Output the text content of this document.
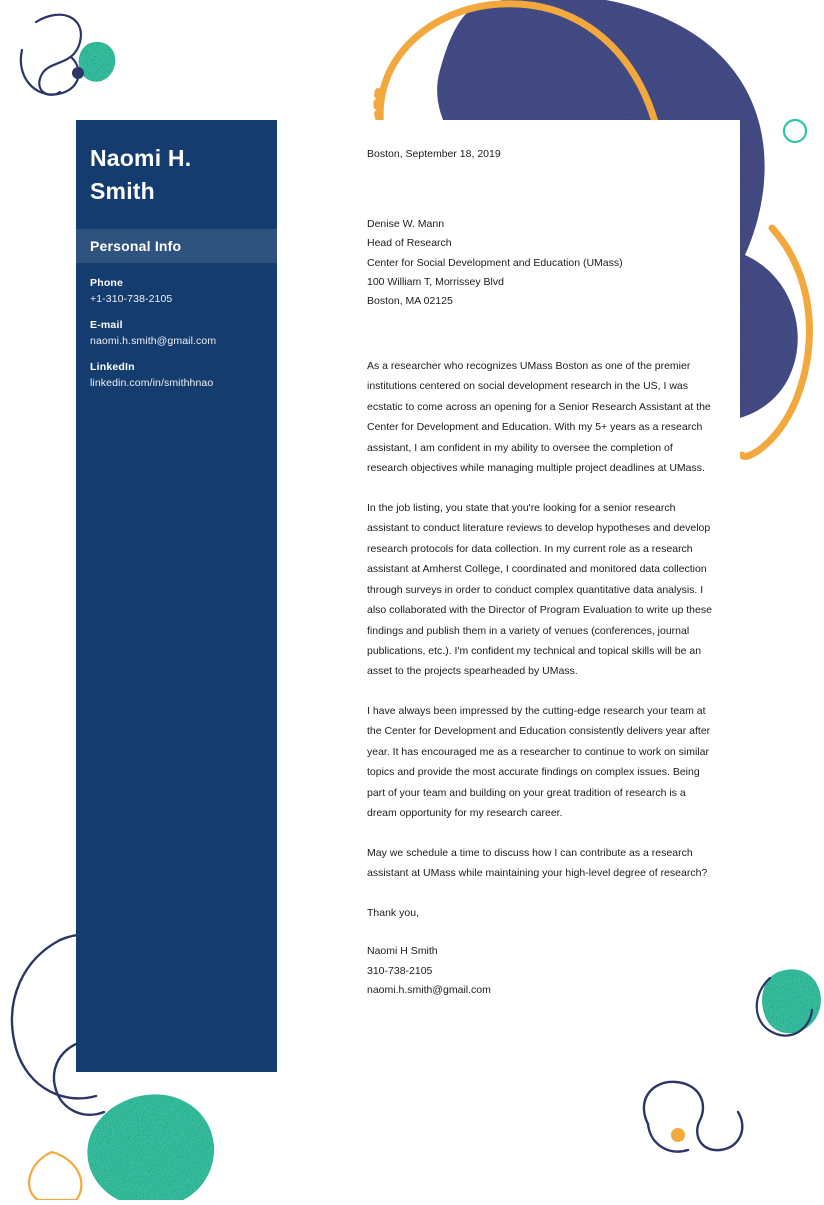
Naomi H.
Smith
Personal Info
Phone
+1-310-738-2105
E-mail
naomi.h.smith@gmail.com
LinkedIn
linkedin.com/in/smithhnao

Boston, September 18, 2019

Denise W. Mann
Head of Research
Center for Social Development and Education (UMass)
100 William T, Morrissey Blvd
Boston, MA 02125

As a researcher who recognizes UMass Boston as one of the premier institutions centered on social development research in the US, I was ecstatic to come across an opening for a Senior Research Assistant at the Center for Development and Education. With my 5+ years as a research assistant, I am confident in my ability to oversee the completion of research objectives while managing multiple project deadlines at UMass.

In the job listing, you state that you're looking for a senior research assistant to conduct literature reviews to develop hypotheses and develop research protocols for data collection. In my current role as a research assistant at Amherst College, I coordinated and monitored data collection through surveys in order to conduct complex quantitative data analysis. I also collaborated with the Director of Program Evaluation to write up these findings and publish them in a variety of venues (conferences, journal publications, etc.). I'm confident my technical and topical skills will be an asset to the projects spearheaded by UMass.

I have always been impressed by the cutting-edge research your team at the Center for Development and Education consistently delivers year after year. It has encouraged me as a researcher to continue to work on similar topics and provide the most accurate findings on complex issues. Being part of your team and building on your great tradition of research is a dream opportunity for my research career.

May we schedule a time to discuss how I can contribute as a research assistant at UMass while maintaining your high-level degree of research?

Thank you,

Naomi H Smith
310-738-2105
naomi.h.smith@gmail.com
